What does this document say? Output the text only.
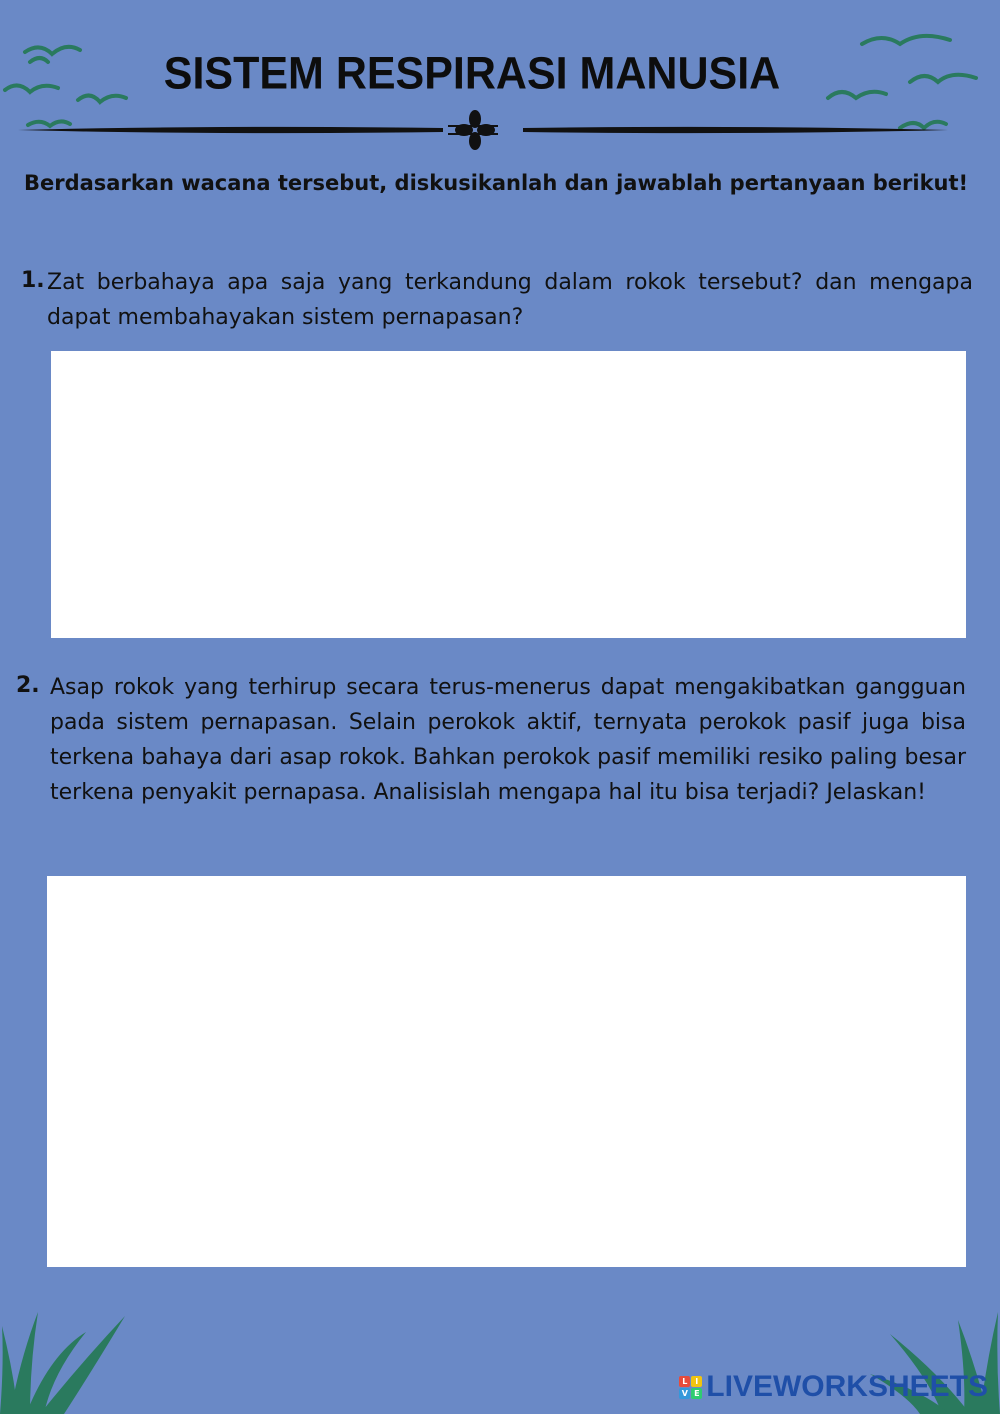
SISTEM RESPIRASI MANUSIA
Berdasarkan wacana tersebut, diskusikanlah dan jawablah pertanyaan berikut!
1. Zat berbahaya apa saja yang terkandung dalam rokok tersebut? dan mengapa dapat membahayakan sistem pernapasan?
2. Asap rokok yang terhirup secara terus-menerus dapat mengakibatkan gangguan pada sistem pernapasan. Selain perokok aktif, ternyata perokok pasif juga bisa terkena bahaya dari asap rokok. Bahkan perokok pasif memiliki resiko paling besar terkena penyakit pernapasa. Analisislah mengapa hal itu bisa terjadi? Jelaskan!
L I
V E LIVEWORKSHEETS
